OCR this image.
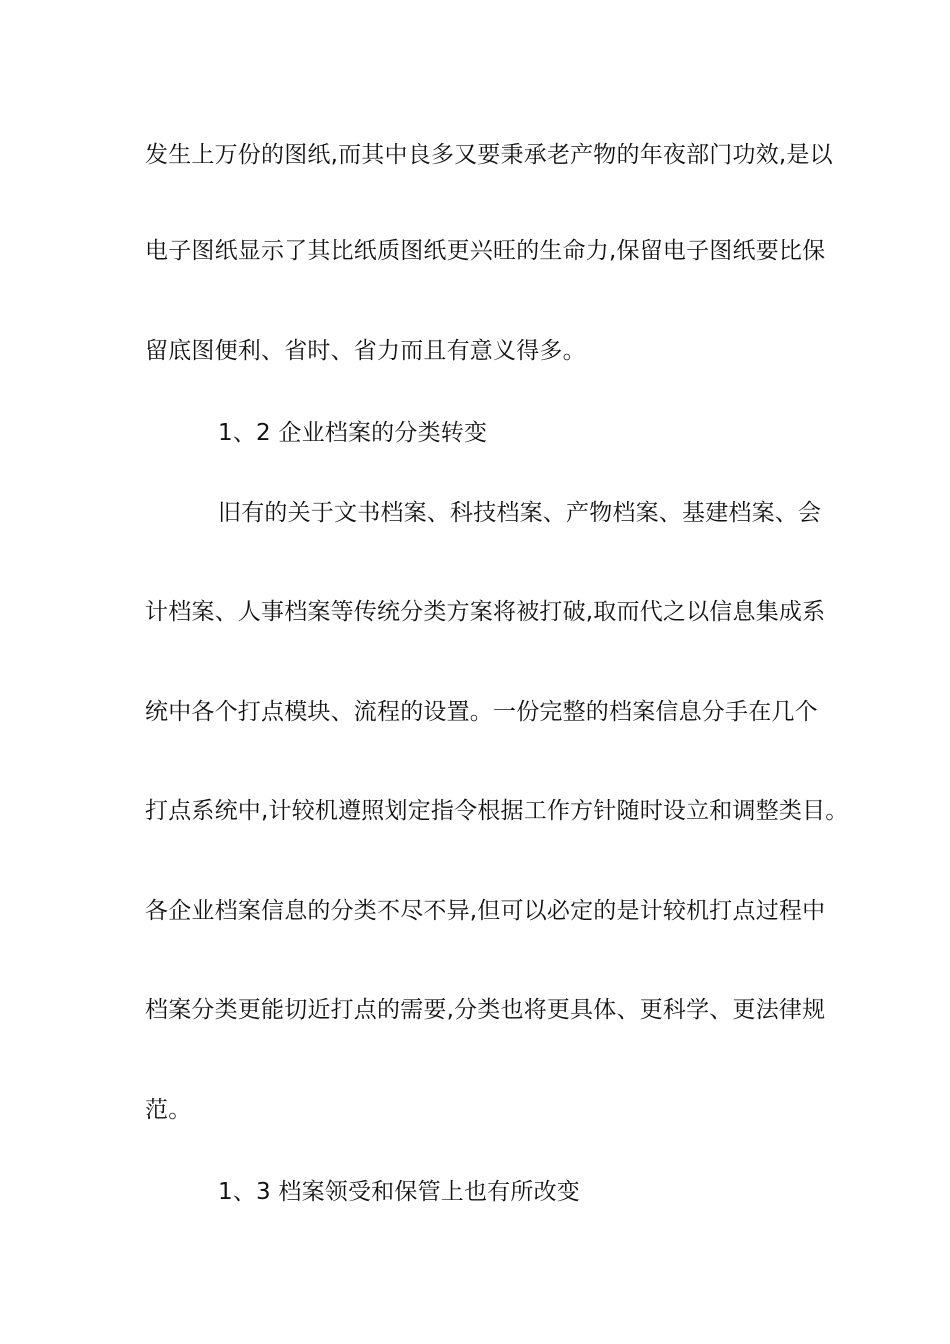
发生上万份的图纸,而其中良多又要秉承老产物的年夜部门功效,是以
电子图纸显示了其比纸质图纸更兴旺的生命力,保留电子图纸要比保
留底图便利、省时、省力而且有意义得多。
1、2 企业档案的分类转变
旧有的关于文书档案、科技档案、产物档案、基建档案、会
计档案、人事档案等传统分类方案将被打破,取而代之以信息集成系
统中各个打点模块、流程的设置。一份完整的档案信息分手在几个
打点系统中,计较机遵照划定指令根据工作方针随时设立和调整类目。
各企业档案信息的分类不尽不异,但可以必定的是计较机打点过程中
档案分类更能切近打点的需要,分类也将更具体、更科学、更法律规
范。
1、3 档案领受和保管上也有所改变
